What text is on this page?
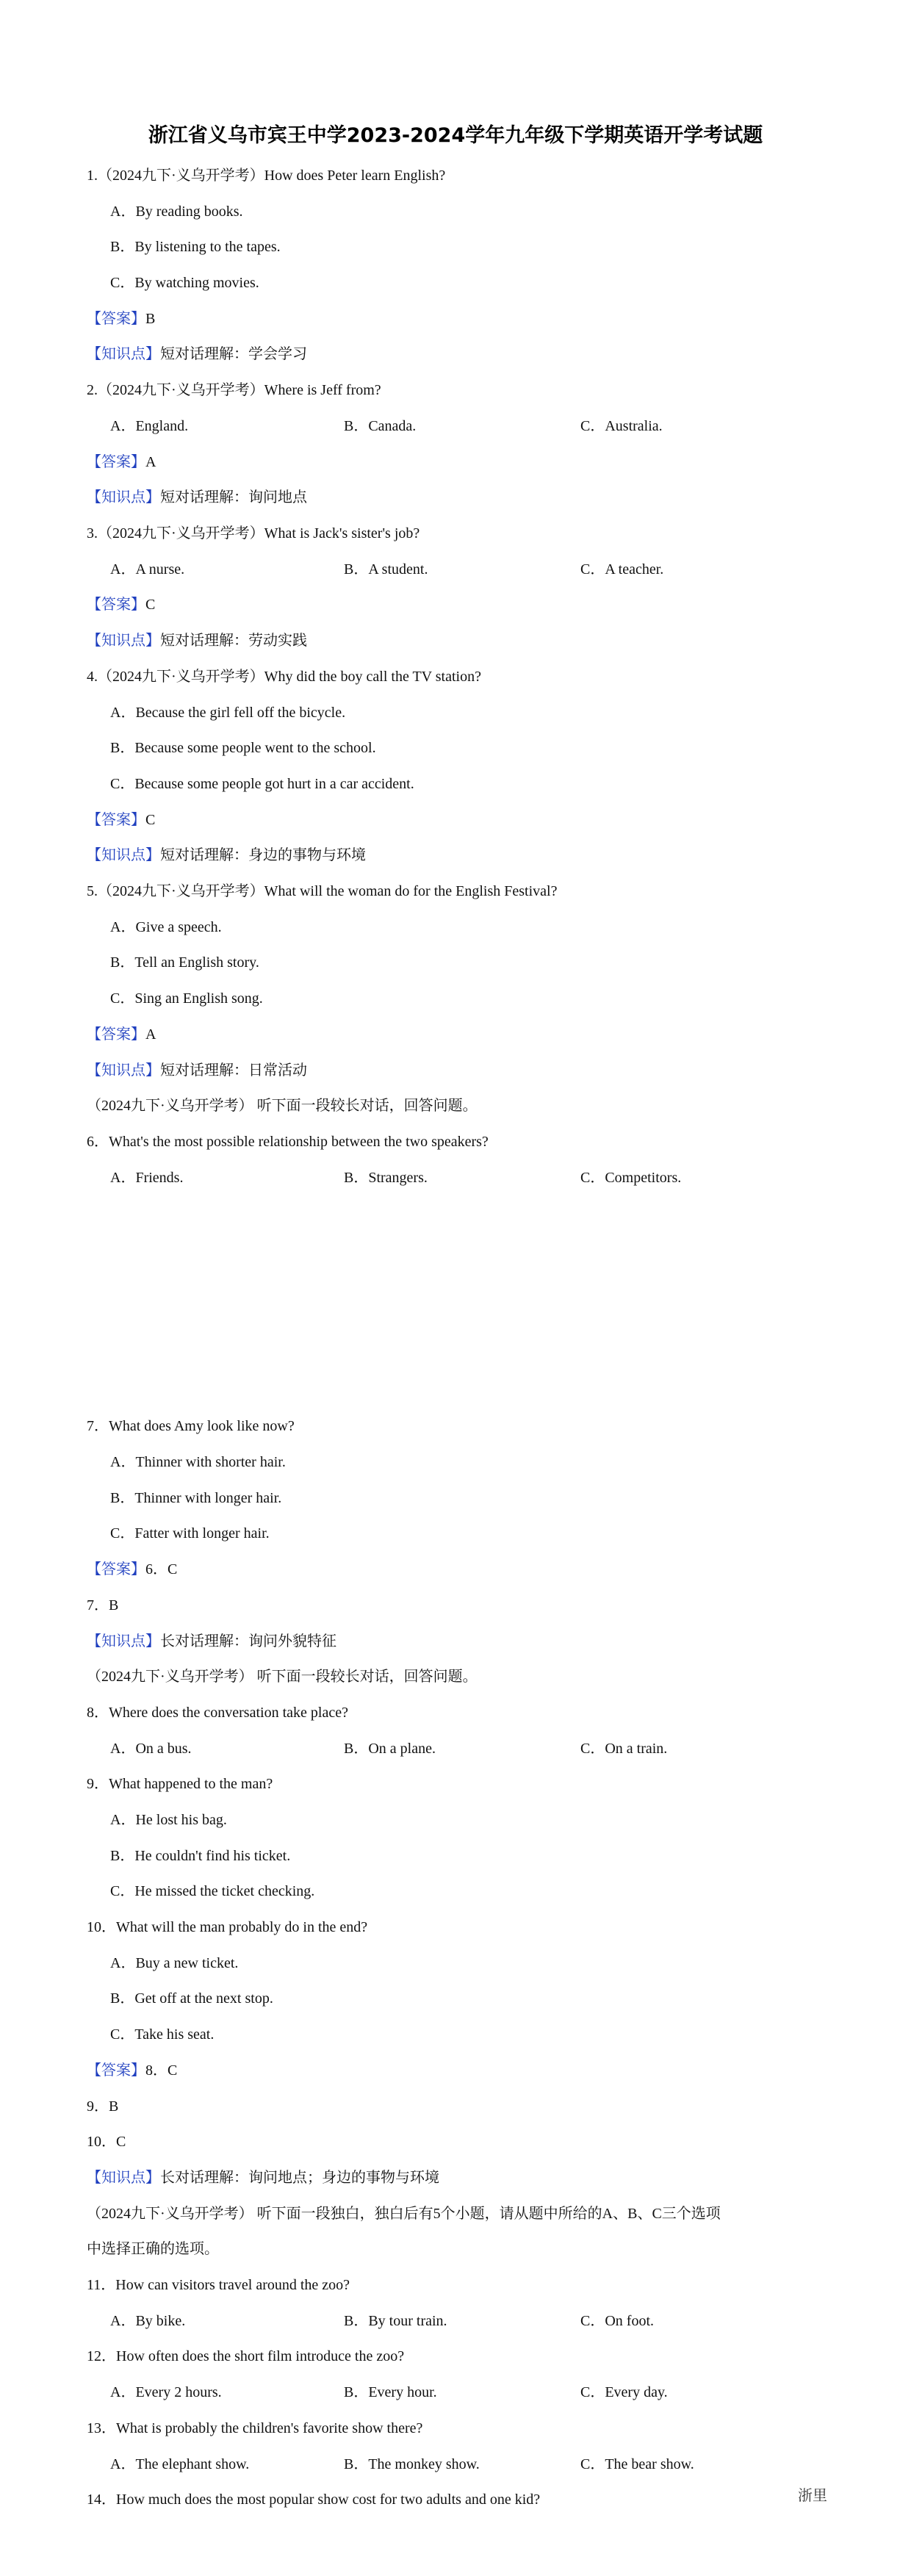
浙江省义乌市宾王中学2023-2024学年九年级下学期英语开学考试题
1.（2024九下·义乌开学考）How does Peter learn English?
A．By reading books.
B．By listening to the tapes.
C．By watching movies.
【答案】B
【知识点】短对话理解：学会学习
2.（2024九下·义乌开学考）Where is Jeff from?
A．England.	B．Canada.	C．Australia.
【答案】A
【知识点】短对话理解：询问地点
3.（2024九下·义乌开学考）What is Jack's sister's job?
A．A nurse.	B．A student.	C．A teacher.
【答案】C
【知识点】短对话理解：劳动实践
4.（2024九下·义乌开学考）Why did the boy call the TV station?
A．Because the girl fell off the bicycle.
B．Because some people went to the school.
C．Because some people got hurt in a car accident.
【答案】C
【知识点】短对话理解：身边的事物与环境
5.（2024九下·义乌开学考）What will the woman do for the English Festival?
A．Give a speech.
B．Tell an English story.
C．Sing an English song.
【答案】A
【知识点】短对话理解：日常活动
（2024九下·义乌开学考） 听下面一段较长对话，回答问题。
6．What's the most possible relationship between the two speakers?
A．Friends.	B．Strangers.	C．Competitors.
7．What does Amy look like now?
A．Thinner with shorter hair.
B．Thinner with longer hair.
C．Fatter with longer hair.
【答案】6．C
7．B
【知识点】长对话理解：询问外貌特征
（2024九下·义乌开学考） 听下面一段较长对话，回答问题。
8．Where does the conversation take place?
A．On a bus.	B．On a plane.	C．On a train.
9．What happened to the man?
A．He lost his bag.
B．He couldn't find his ticket.
C．He missed the ticket checking.
10．What will the man probably do in the end?
A．Buy a new ticket.
B．Get off at the next stop.
C．Take his seat.
【答案】8．C
9．B
10．C
【知识点】长对话理解：询问地点；身边的事物与环境
（2024九下·义乌开学考） 听下面一段独白，独白后有5个小题，请从题中所给的A、B、C三个选项
中选择正确的选项。
11．How can visitors travel around the zoo?
A．By bike.	B．By tour train.	C．On foot.
12．How often does the short film introduce the zoo?
A．Every 2 hours.	B．Every hour.	C．Every day.
13．What is probably the children's favorite show there?
A．The elephant show.	B．The monkey show.	C．The bear show.
14．How much does the most popular show cost for two adults and one kid?	浙里
